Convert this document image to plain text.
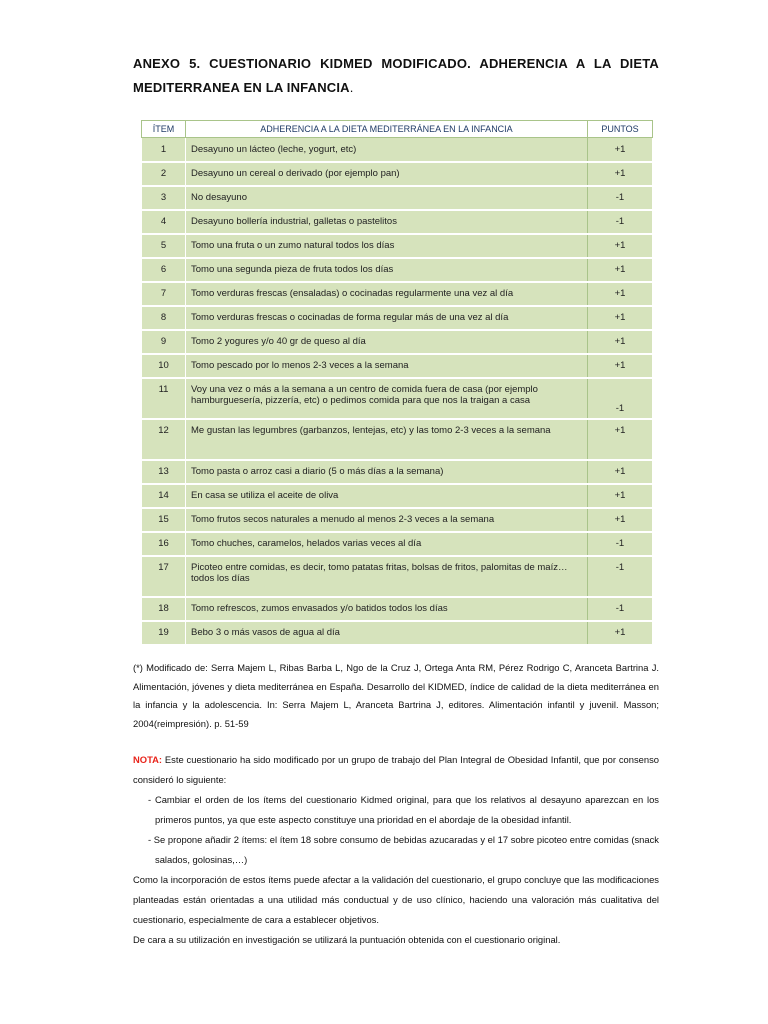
ANEXO 5. CUESTIONARIO KIDMED MODIFICADO. ADHERENCIA A LA DIETA
MEDITERRANEA EN LA INFANCIA.
ÍTEM	ADHERENCIA A LA DIETA MEDITERRÁNEA EN LA INFANCIA	PUNTOS
1	Desayuno un lácteo (leche, yogurt, etc)	+1
2	Desayuno un cereal o derivado (por ejemplo pan)	+1
3	No desayuno	-1
4	Desayuno bollería industrial, galletas o pastelitos	-1
5	Tomo una fruta o un zumo natural todos los días	+1
6	Tomo una segunda pieza de fruta todos los días	+1
7	Tomo verduras frescas (ensaladas) o cocinadas regularmente una vez al día	+1
8	Tomo verduras frescas o cocinadas de forma regular más de una vez al día	+1
9	Tomo 2 yogures y/o 40 gr de queso al día	+1
10	Tomo pescado por lo menos 2-3 veces a la semana	+1
11	Voy una vez o más a la semana a un centro de comida fuera de casa (por ejemplo hamburguesería, pizzería, etc) o pedimos comida para que nos la traigan a casa	-1
12	Me gustan las legumbres (garbanzos, lentejas, etc) y las tomo 2-3 veces a la semana	+1
13	Tomo pasta o arroz casi a diario (5 o más días a la semana)	+1
14	En casa se utiliza el aceite de oliva	+1
15	Tomo frutos secos naturales a menudo al menos 2-3 veces a la semana	+1
16	Tomo chuches, caramelos, helados varias veces al día	-1
17	Picoteo entre comidas, es decir, tomo patatas fritas, bolsas de fritos, palomitas de maíz… todos los días	-1
18	Tomo refrescos, zumos envasados y/o batidos todos los días	-1
19	Bebo 3 o más vasos de agua al día	+1
(*) Modificado de: Serra Majem L, Ribas Barba L, Ngo de la Cruz J, Ortega Anta RM, Pérez Rodrigo C, Aranceta Bartrina J. Alimentación, jóvenes y dieta mediterránea en España. Desarrollo del KIDMED, índice de calidad de la dieta mediterránea en la infancia y la adolescencia. In: Serra Majem L, Aranceta Bartrina J, editores. Alimentación infantil y juvenil. Masson; 2004(reimpresión). p. 51-59
NOTA: Este cuestionario ha sido modificado por un grupo de trabajo del Plan Integral de Obesidad Infantil, que por consenso consideró lo siguiente:
- Cambiar el orden de los ítems del cuestionario Kidmed original, para que los relativos al desayuno aparezcan en los primeros puntos, ya que este aspecto constituye una prioridad en el abordaje de la obesidad infantil.
- Se propone añadir 2 ítems: el ítem 18 sobre consumo de bebidas azucaradas y el 17 sobre picoteo entre comidas (snack salados, golosinas,…)
Como la incorporación de estos ítems puede afectar a la validación del cuestionario, el grupo concluye que las modificaciones planteadas están orientadas a una utilidad más conductual y de uso clínico, haciendo una valoración más cualitativa del cuestionario, especialmente de cara a establecer objetivos.
De cara a su utilización en investigación se utilizará la puntuación obtenida con el cuestionario original.
